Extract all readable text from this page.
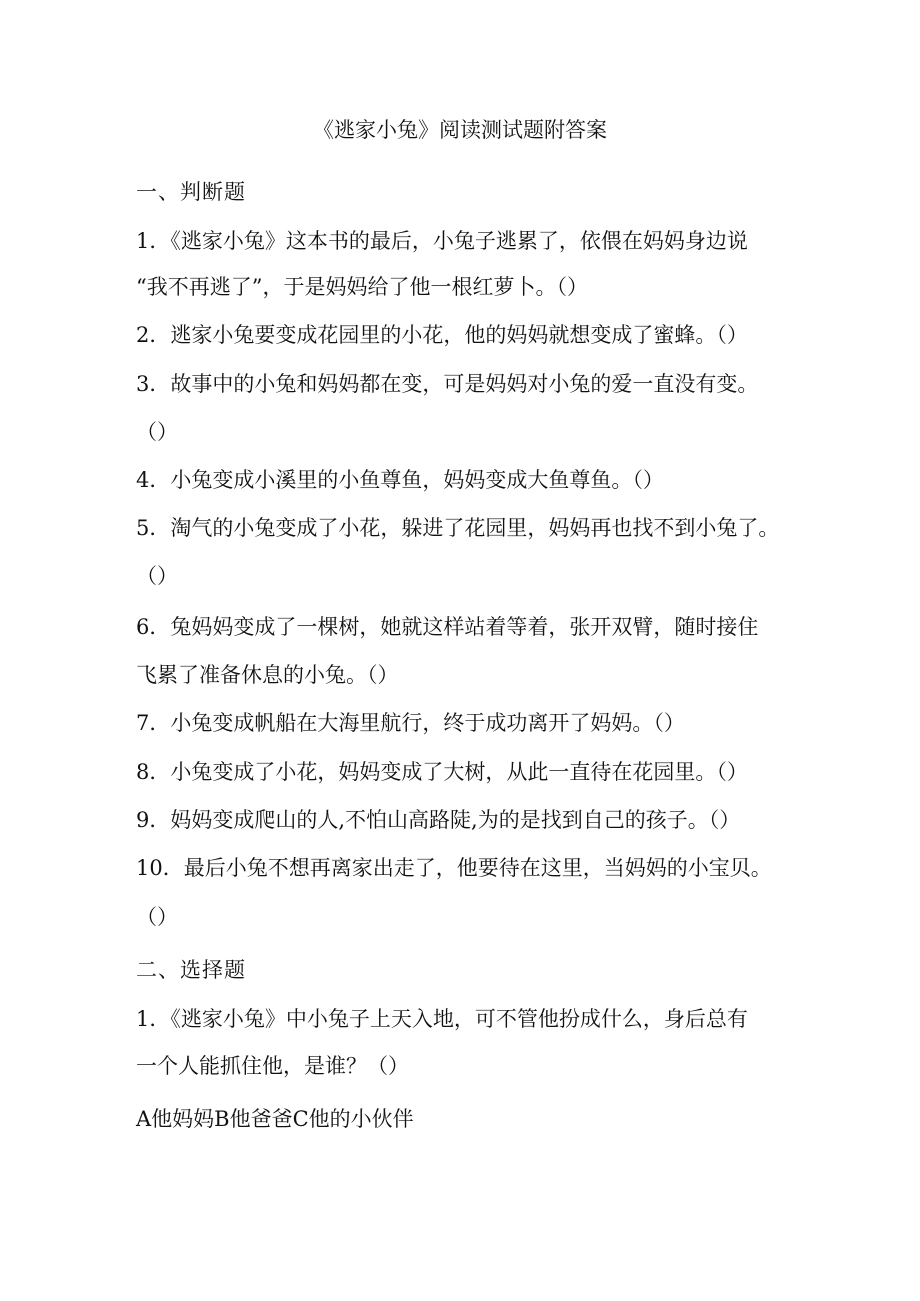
《逃家小兔》阅读测试题附答案
一、判断题
1．《逃家小兔》这本书的最后，小兔子逃累了，依偎在妈妈身边说
“我不再逃了”，于是妈妈给了他一根红萝卜。（）
2．逃家小兔要变成花园里的小花，他的妈妈就想变成了蜜蜂。（）
3．故事中的小兔和妈妈都在变，可是妈妈对小兔的爱一直没有变。
（）
4．小兔变成小溪里的小鱼尊鱼，妈妈变成大鱼尊鱼。（）
5．淘气的小兔变成了小花，躲进了花园里，妈妈再也找不到小兔了。
（）
6．兔妈妈变成了一棵树，她就这样站着等着，张开双臂，随时接住
飞累了准备休息的小兔。（）
7．小兔变成帆船在大海里航行，终于成功离开了妈妈。（）
8．小兔变成了小花，妈妈变成了大树，从此一直待在花园里。（）
9．妈妈变成爬山的人,不怕山高路陡,为的是找到自己的孩子。（）
10．最后小兔不想再离家出走了，他要待在这里，当妈妈的小宝贝。
（）
二、选择题
1．《逃家小兔》中小兔子上天入地，可不管他扮成什么，身后总有
一个人能抓住他，是谁？（）
A他妈妈B他爸爸C他的小伙伴
